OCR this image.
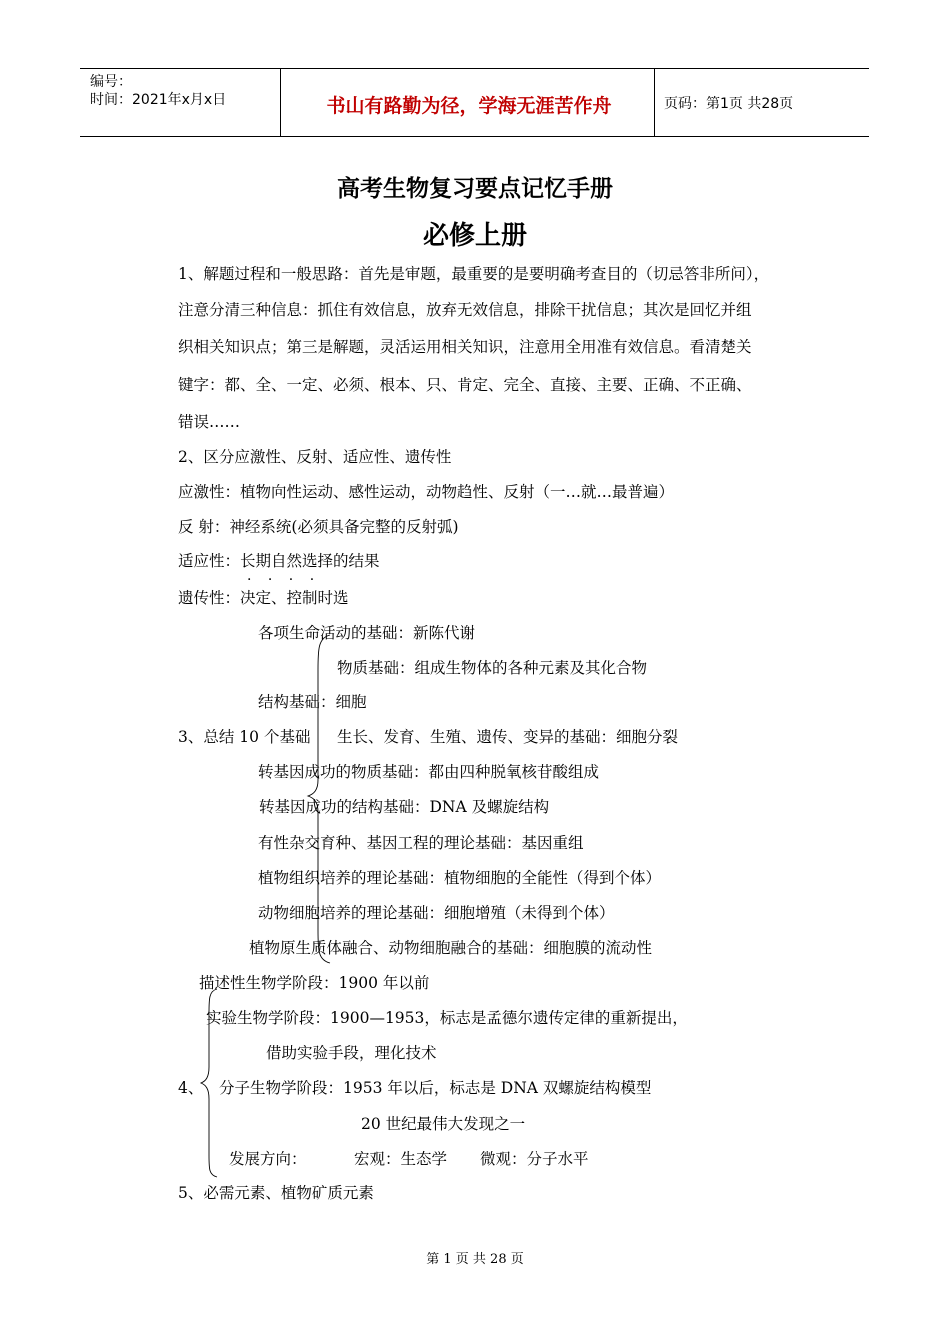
编号：
时间：2021年x月x日	书山有路勤为径，学海无涯苦作舟	页码：第1页 共28页
高考生物复习要点记忆手册
必修上册
1、解题过程和一般思路：首先是审题，最重要的是要明确考查目的（切忌答非所问），
注意分清三种信息：抓住有效信息，放弃无效信息，排除干扰信息；其次是回忆并组
织相关知识点；第三是解题，灵活运用相关知识，注意用全用准有效信息。看清楚关
键字：都、全、一定、必须、根本、只、肯定、完全、直接、主要、正确、不正确、
错误……
2、区分应激性、反射、适应性、遗传性
应激性：植物向性运动、感性运动，动物趋性、反射（一…就…最普遍）
反 射：神经系统(必须具备完整的反射弧)
适应性：长期自然选择的结果
· · · ·
遗传性：决定、控制时选
各项生命活动的基础：新陈代谢
物质基础：组成生物体的各种元素及其化合物
结构基础：细胞
3、总结 10 个基础 生长、发育、生殖、遗传、变异的基础：细胞分裂
转基因成功的物质基础：都由四种脱氧核苷酸组成
转基因成功的结构基础：DNA 及螺旋结构
有性杂交育种、基因工程的理论基础：基因重组
植物组织培养的理论基础：植物细胞的全能性（得到个体）
动物细胞培养的理论基础：细胞增殖（未得到个体）
植物原生质体融合、动物细胞融合的基础：细胞膜的流动性
描述性生物学阶段：1900 年以前
实验生物学阶段：1900—1953，标志是孟德尔遗传定律的重新提出，
借助实验手段，理化技术
4、 分子生物学阶段：1953 年以后，标志是 DNA 双螺旋结构模型
20 世纪最伟大发现之一
发展方向：	宏观：生态学 微观：分子水平
5、必需元素、植物矿质元素
第 1 页 共 28 页
